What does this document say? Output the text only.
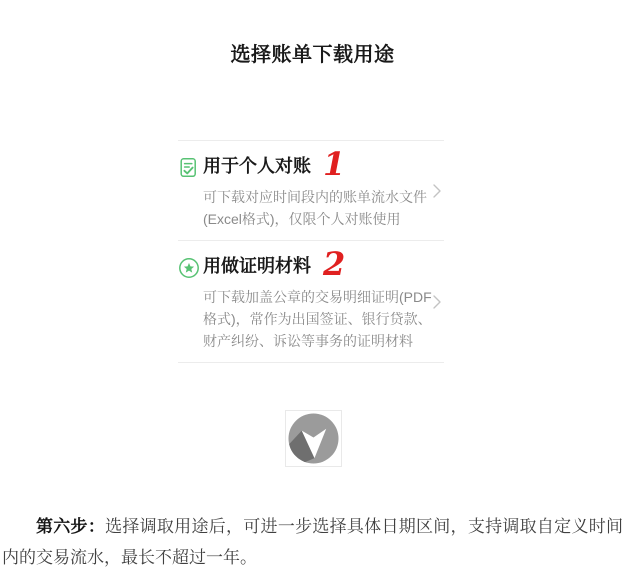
选择账单下载用途
用于个人对账 1
可下载对应时间段内的账单流水文件(Excel格式)，仅限个人对账使用
用做证明材料 2
可下载加盖公章的交易明细证明(PDF格式)，常作为出国签证、银行贷款、财产纠纷、诉讼等事务的证明材料

第六步：选择调取用途后，可进一步选择具体日期区间，支持调取自定义时间内的交易流水，最长不超过一年。
